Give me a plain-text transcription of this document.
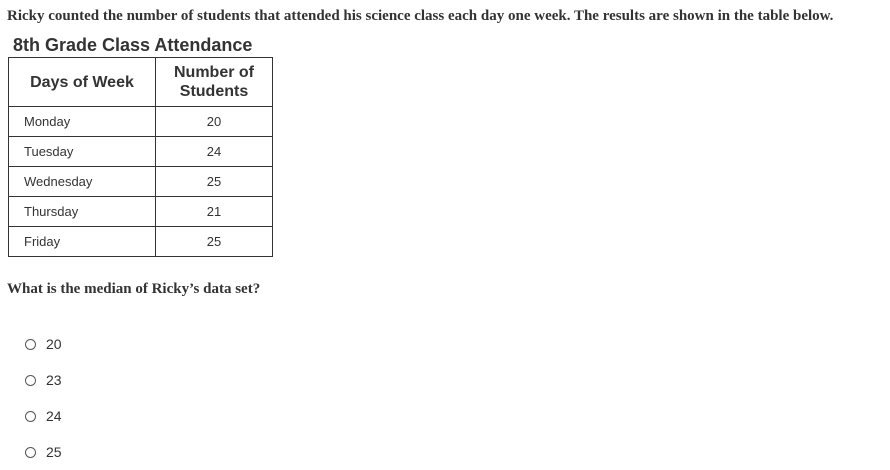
Ricky counted the number of students that attended his science class each day one week. The results are shown in the table below.

8th Grade Class Attendance
Days of Week	Number of
Students
Monday	20
Tuesday	24
Wednesday	25
Thursday	21
Friday	25

What is the median of Ricky’s data set?

20
23
24
25
